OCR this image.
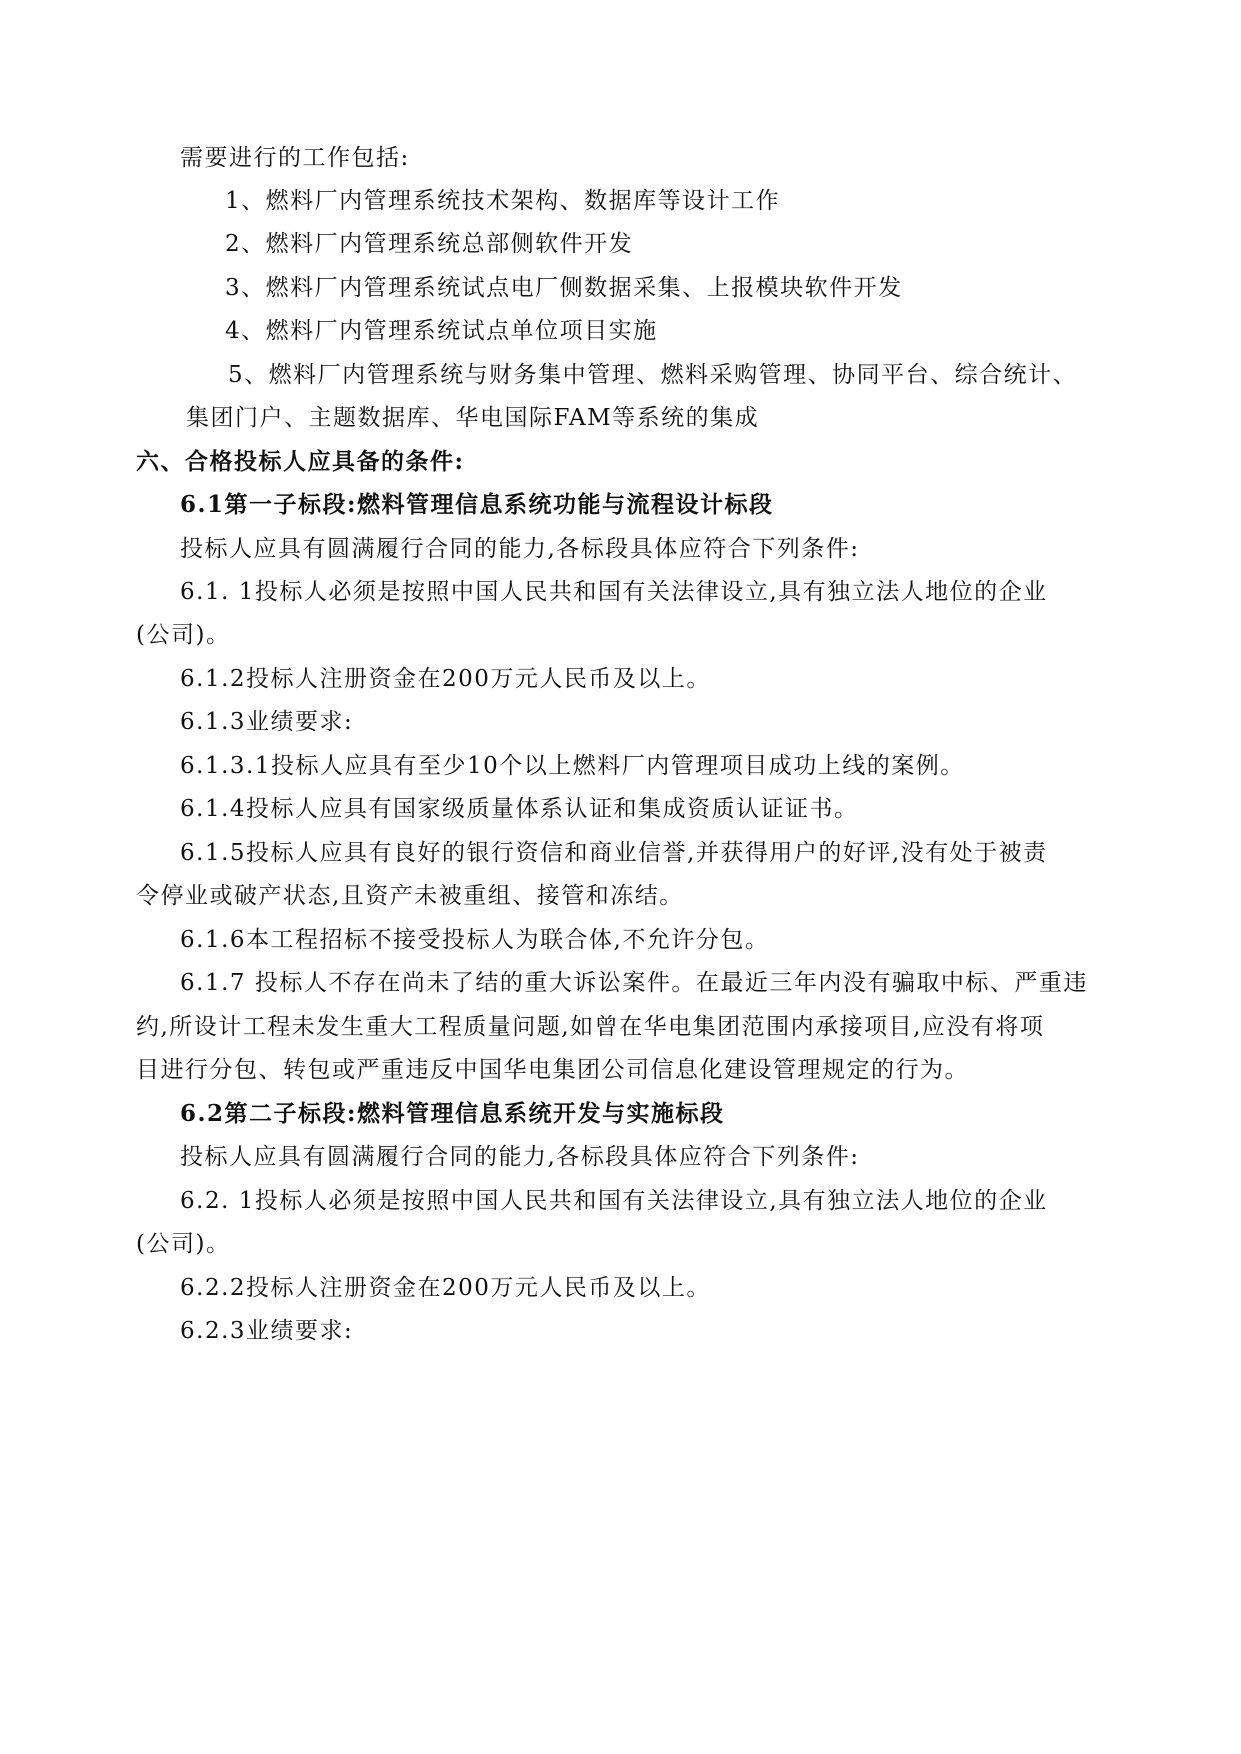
需要进行的工作包括:
1、燃料厂内管理系统技术架构、数据库等设计工作
2、燃料厂内管理系统总部侧软件开发
3、燃料厂内管理系统试点电厂侧数据采集、上报模块软件开发
4、燃料厂内管理系统试点单位项目实施
5、燃料厂内管理系统与财务集中管理、燃料采购管理、协同平台、综合统计、
集团门户、主题数据库、华电国际FAM等系统的集成
六、合格投标人应具备的条件:
6.1第一子标段:燃料管理信息系统功能与流程设计标段
投标人应具有圆满履行合同的能力,各标段具体应符合下列条件:
6.1. 1投标人必须是按照中国人民共和国有关法律设立,具有独立法人地位的企业
(公司)。
6.1.2投标人注册资金在200万元人民币及以上。
6.1.3业绩要求:
6.1.3.1投标人应具有至少10个以上燃料厂内管理项目成功上线的案例。
6.1.4投标人应具有国家级质量体系认证和集成资质认证证书。
6.1.5投标人应具有良好的银行资信和商业信誉,并获得用户的好评,没有处于被责
令停业或破产状态,且资产未被重组、接管和冻结。
6.1.6本工程招标不接受投标人为联合体,不允许分包。
6.1.7 投标人不存在尚未了结的重大诉讼案件。在最近三年内没有骗取中标、严重违
约,所设计工程未发生重大工程质量问题,如曾在华电集团范围内承接项目,应没有将项
目进行分包、转包或严重违反中国华电集团公司信息化建设管理规定的行为。
6.2第二子标段:燃料管理信息系统开发与实施标段
投标人应具有圆满履行合同的能力,各标段具体应符合下列条件:
6.2. 1投标人必须是按照中国人民共和国有关法律设立,具有独立法人地位的企业
(公司)。
6.2.2投标人注册资金在200万元人民币及以上。
6.2.3业绩要求:
